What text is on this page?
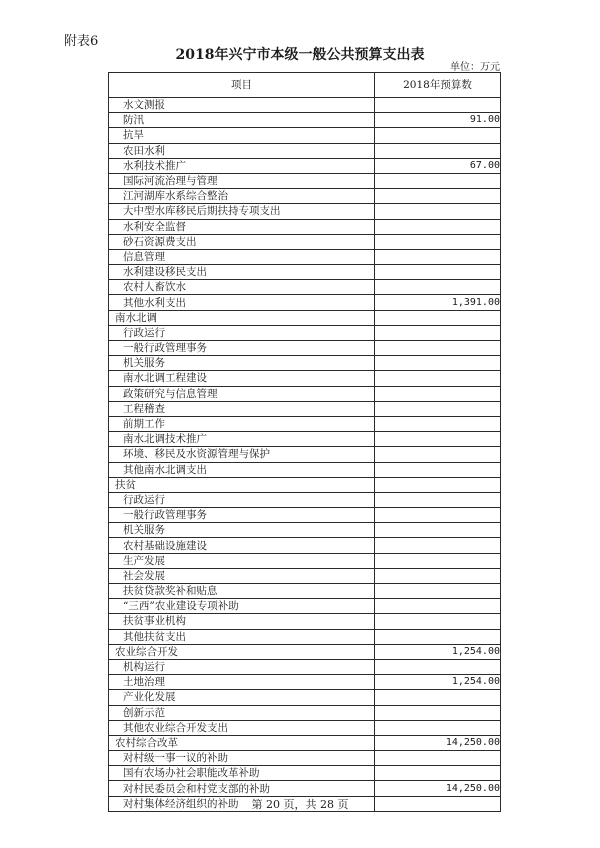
附表6
2018年兴宁市本级一般公共预算支出表
单位：万元
项目	2018年预算数
水文测报	
防汛	91.00
抗旱	
农田水利	
水利技术推广	67.00
国际河流治理与管理	
江河湖库水系综合整治	
大中型水库移民后期扶持专项支出	
水利安全监督	
砂石资源费支出	
信息管理	
水利建设移民支出	
农村人畜饮水	
其他水利支出	1,391.00
南水北调	
行政运行	
一般行政管理事务	
机关服务	
南水北调工程建设	
政策研究与信息管理	
工程稽查	
前期工作	
南水北调技术推广	
环境、移民及水资源管理与保护	
其他南水北调支出	
扶贫	
行政运行	
一般行政管理事务	
机关服务	
农村基础设施建设	
生产发展	
社会发展	
扶贫贷款奖补和贴息	
“三西”农业建设专项补助	
扶贫事业机构	
其他扶贫支出	
农业综合开发	1,254.00
机构运行	
土地治理	1,254.00
产业化发展	
创新示范	
其他农业综合开发支出	
农村综合改革	14,250.00
对村级一事一议的补助	
国有农场办社会职能改革补助	
对村民委员会和村党支部的补助	14,250.00
对村集体经济组织的补助		第 20 页，共 28 页
